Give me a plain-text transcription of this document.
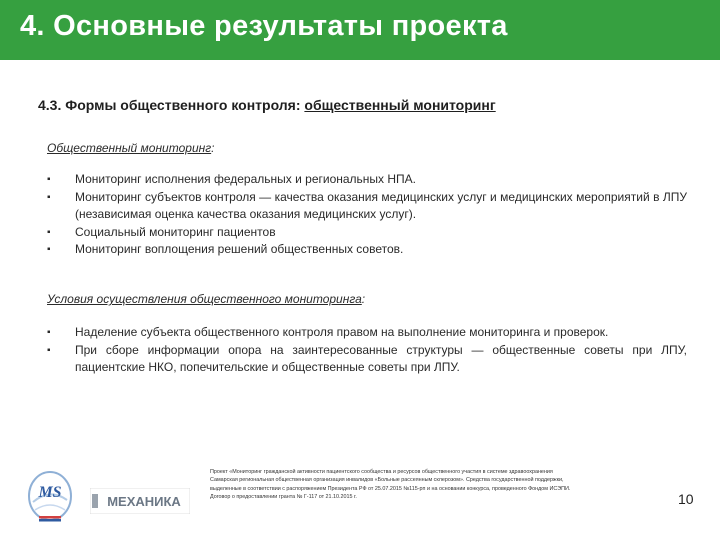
4. Основные результаты проекта
4.3. Формы общественного контроля: общественный мониторинг
Общественный мониторинг:
▪ Мониторинг исполнения федеральных и региональных НПА.
▪ Мониторинг субъектов контроля — качества оказания медицинских услуг и медицинских мероприятий в ЛПУ (независимая оценка качества оказания медицинских услуг).
▪ Социальный мониторинг пациентов
▪ Мониторинг воплощения решений общественных советов.
Условия осуществления общественного мониторинга:
▪ Наделение субъекта общественного контроля правом на выполнение мониторинга и проверок.
▪ При сборе информации опора на заинтересованные структуры — общественные советы при ЛПУ, пациентские НКО, попечительские и общественные советы при ЛПУ.
MS
МЕХАНИКА
Проект «Мониторинг гражданской активности пациентского сообщества и ресурсов общественного участия в системе здравоохранения
Самарская региональная общественная организация инвалидов «Больные рассеянным склерозом». Средства государственной поддержки,
выделенные в соответствии с распоряжением Президента РФ от 25.07.2015 №115-рп и на основании конкурса, проведенного Фондом ИСЭПИ.
Договор о предоставлении гранта № Г-117 от 21.10.2015 г.	10
